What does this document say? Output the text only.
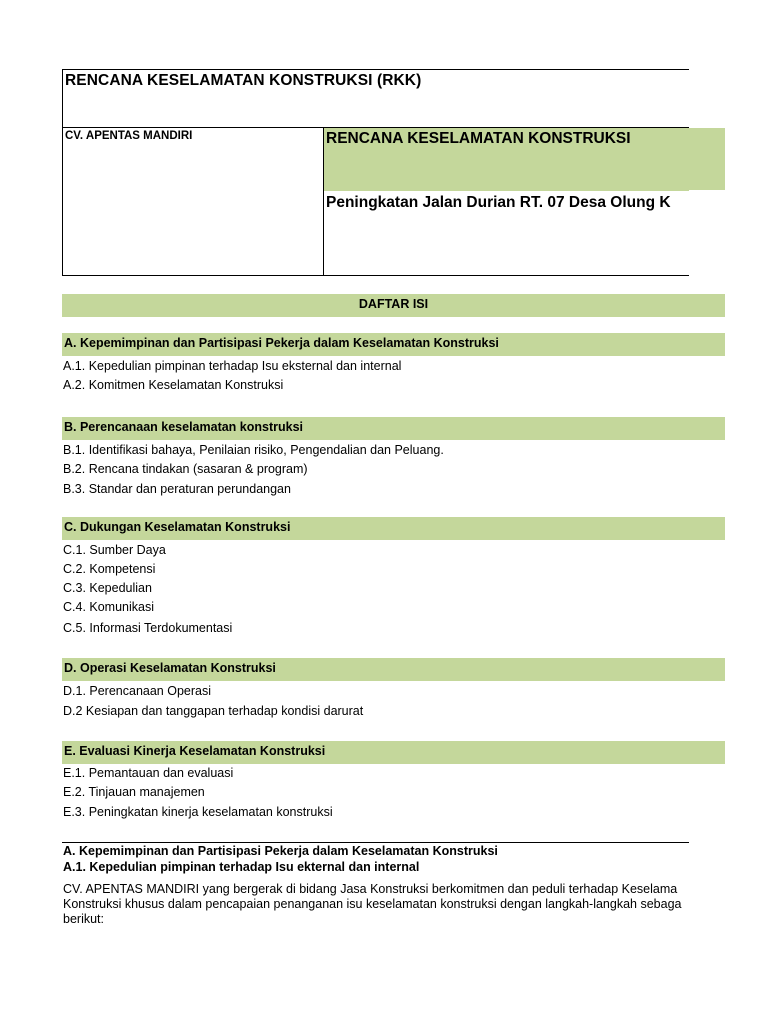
RENCANA KESELAMATAN KONSTRUKSI (RKK)
CV. APENTAS MANDIRI	RENCANA KESELAMATAN KONSTRUKSI
Peningkatan Jalan Durian RT. 07 Desa Olung K
DAFTAR ISI
A. Kepemimpinan dan Partisipasi Pekerja dalam Keselamatan Konstruksi
A.1. Kepedulian pimpinan terhadap Isu eksternal dan internal
A.2. Komitmen Keselamatan Konstruksi
B. Perencanaan keselamatan konstruksi
B.1. Identifikasi bahaya, Penilaian risiko, Pengendalian dan Peluang.
B.2. Rencana tindakan (sasaran & program)
B.3. Standar dan peraturan perundangan
C. Dukungan Keselamatan Konstruksi
C.1. Sumber Daya
C.2. Kompetensi
C.3. Kepedulian
C.4. Komunikasi
C.5. Informasi Terdokumentasi
D. Operasi Keselamatan Konstruksi
D.1. Perencanaan Operasi
D.2 Kesiapan dan tanggapan terhadap kondisi darurat
E. Evaluasi Kinerja Keselamatan Konstruksi
E.1. Pemantauan dan evaluasi
E.2. Tinjauan manajemen
E.3. Peningkatan kinerja keselamatan konstruksi
A. Kepemimpinan dan Partisipasi Pekerja dalam Keselamatan Konstruksi
A.1. Kepedulian pimpinan terhadap Isu ekternal dan internal
CV. APENTAS MANDIRI yang bergerak di bidang Jasa Konstruksi berkomitmen dan peduli terhadap Keselama
Konstruksi khusus dalam pencapaian penanganan isu keselamatan konstruksi dengan langkah-langkah sebaga
berikut:
